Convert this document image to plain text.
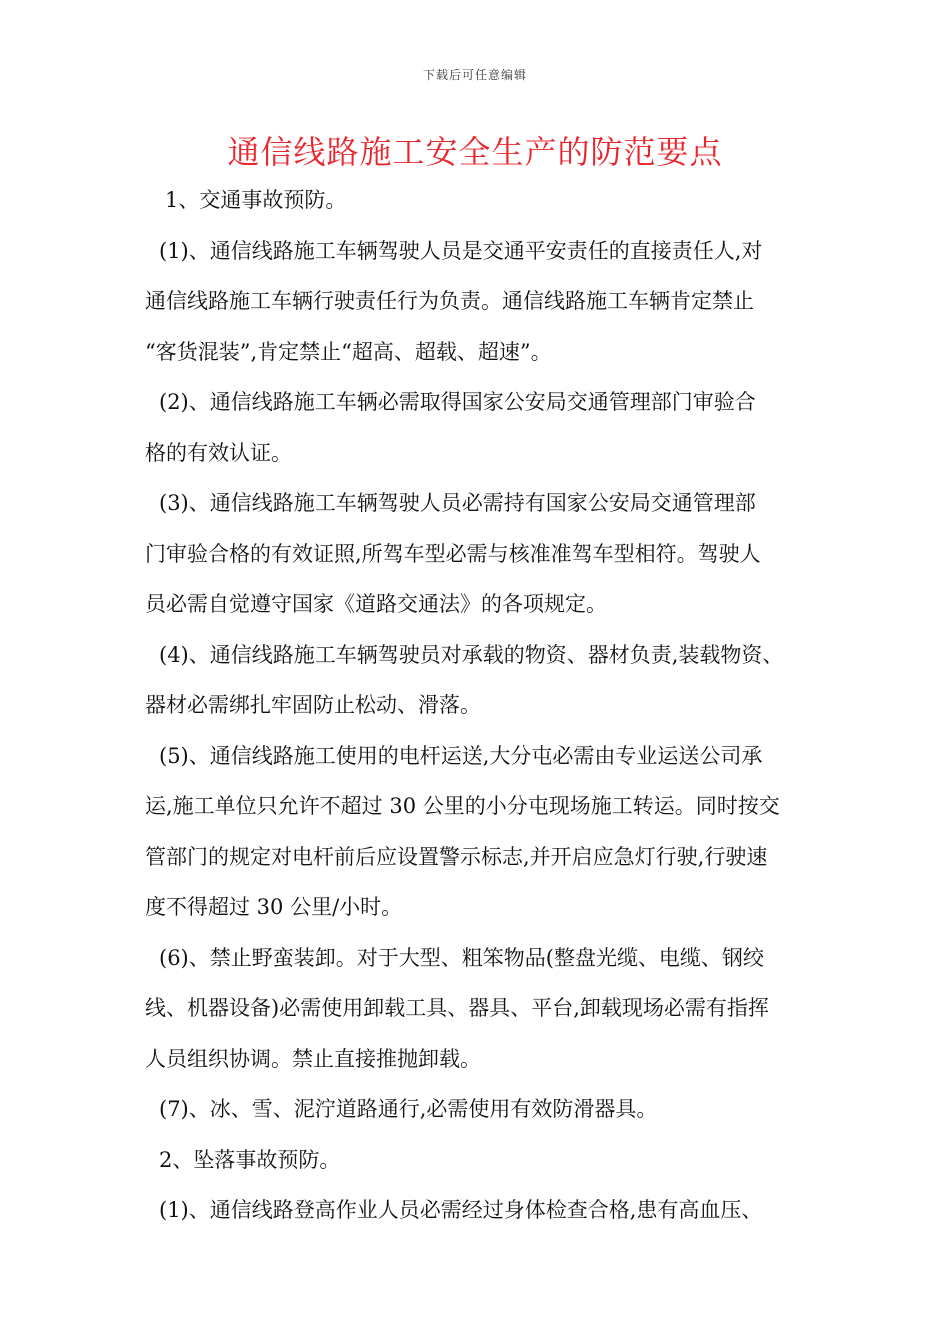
下载后可任意编辑
通信线路施工安全生产的防范要点
1、交通事故预防。
(1)、通信线路施工车辆驾驶人员是交通平安责任的直接责任人,对
通信线路施工车辆行驶责任行为负责。通信线路施工车辆肯定禁止
“客货混装”,肯定禁止“超高、超载、超速”。
(2)、通信线路施工车辆必需取得国家公安局交通管理部门审验合
格的有效认证。
(3)、通信线路施工车辆驾驶人员必需持有国家公安局交通管理部
门审验合格的有效证照,所驾车型必需与核准准驾车型相符。驾驶人
员必需自觉遵守国家《道路交通法》的各项规定。
(4)、通信线路施工车辆驾驶员对承载的物资、器材负责,装载物资、
器材必需绑扎牢固防止松动、滑落。
(5)、通信线路施工使用的电杆运送,大分屯必需由专业运送公司承
运,施工单位只允许不超过 30 公里的小分屯现场施工转运。同时按交
管部门的规定对电杆前后应设置警示标志,并开启应急灯行驶,行驶速
度不得超过 30 公里/小时。
(6)、禁止野蛮装卸。对于大型、粗笨物品(整盘光缆、电缆、钢绞
线、机器设备)必需使用卸载工具、器具、平台,卸载现场必需有指挥
人员组织协调。禁止直接推抛卸载。
(7)、冰、雪、泥泞道路通行,必需使用有效防滑器具。
2、坠落事故预防。
(1)、通信线路登高作业人员必需经过身体检查合格,患有高血压、
